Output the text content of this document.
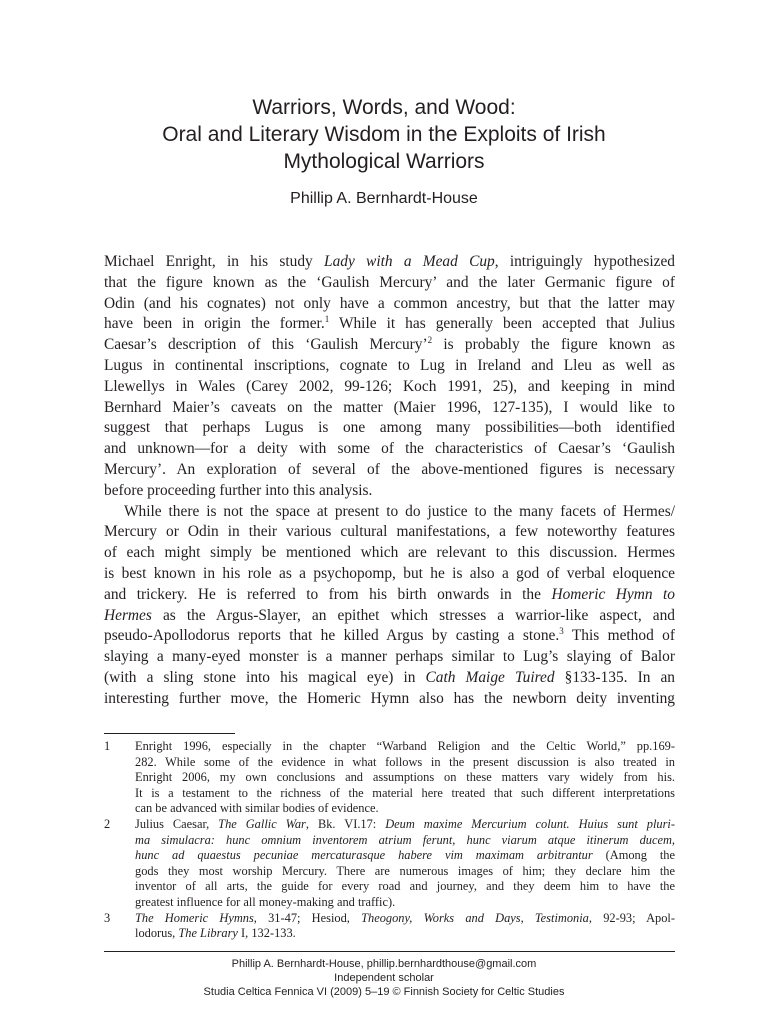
Warriors, Words, and Wood:
Oral and Literary Wisdom in the Exploits of Irish
Mythological Warriors
Phillip A. Bernhardt-House
Michael Enright, in his study Lady with a Mead Cup, intriguingly hypothesized
that the figure known as the ‘Gaulish Mercury’ and the later Germanic figure of
Odin (and his cognates) not only have a common ancestry, but that the latter may
have been in origin the former.$^1$ While it has generally been accepted that Julius
Caesar’s description of this ‘Gaulish Mercury’$^2$ is probably the figure known as
Lugus in continental inscriptions, cognate to Lug in Ireland and Lleu as well as
Llewellys in Wales (Carey 2002, 99-126; Koch 1991, 25), and keeping in mind
Bernhard Maier’s caveats on the matter (Maier 1996, 127-135), I would like to
suggest that perhaps Lugus is one among many possibilities—both identified
and unknown—for a deity with some of the characteristics of Caesar’s ‘Gaulish
Mercury’. An exploration of several of the above-mentioned figures is necessary
before proceeding further into this analysis.
While there is not the space at present to do justice to the many facets of Hermes/
Mercury or Odin in their various cultural manifestations, a few noteworthy features
of each might simply be mentioned which are relevant to this discussion. Hermes
is best known in his role as a psychopomp, but he is also a god of verbal eloquence
and trickery. He is referred to from his birth onwards in the Homeric Hymn to
Hermes as the Argus-Slayer, an epithet which stresses a warrior-like aspect, and
pseudo-Apollodorus reports that he killed Argus by casting a stone.$^3$ This method of
slaying a many-eyed monster is a manner perhaps similar to Lug’s slaying of Balor
(with a sling stone into his magical eye) in Cath Maige Tuired §133-135. In an
interesting further move, the Homeric Hymn also has the newborn deity inventing
1	Enright 1996, especially in the chapter “Warband Religion and the Celtic World,” pp.169-
282. While some of the evidence in what follows in the present discussion is also treated in
Enright 2006, my own conclusions and assumptions on these matters vary widely from his.
It is a testament to the richness of the material here treated that such different interpretations
can be advanced with similar bodies of evidence.
2	Julius Caesar, The Gallic War, Bk. VI.17: Deum maxime Mercurium colunt. Huius sunt pluri-
ma simulacra: hunc omnium inventorem atrium ferunt, hunc viarum atque itinerum ducem,
hunc ad quaestus pecuniae mercaturasque habere vim maximam arbitrantur (Among the
gods they most worship Mercury. There are numerous images of him; they declare him the
inventor of all arts, the guide for every road and journey, and they deem him to have the
greatest influence for all money-making and traffic).
3	The Homeric Hymns, 31-47; Hesiod, Theogony, Works and Days, Testimonia, 92-93; Apol-
lodorus, The Library I, 132-133.
Phillip A. Bernhardt-House, phillip.bernhardthouse@gmail.com
Independent scholar
Studia Celtica Fennica VI (2009) 5–19 © Finnish Society for Celtic Studies
